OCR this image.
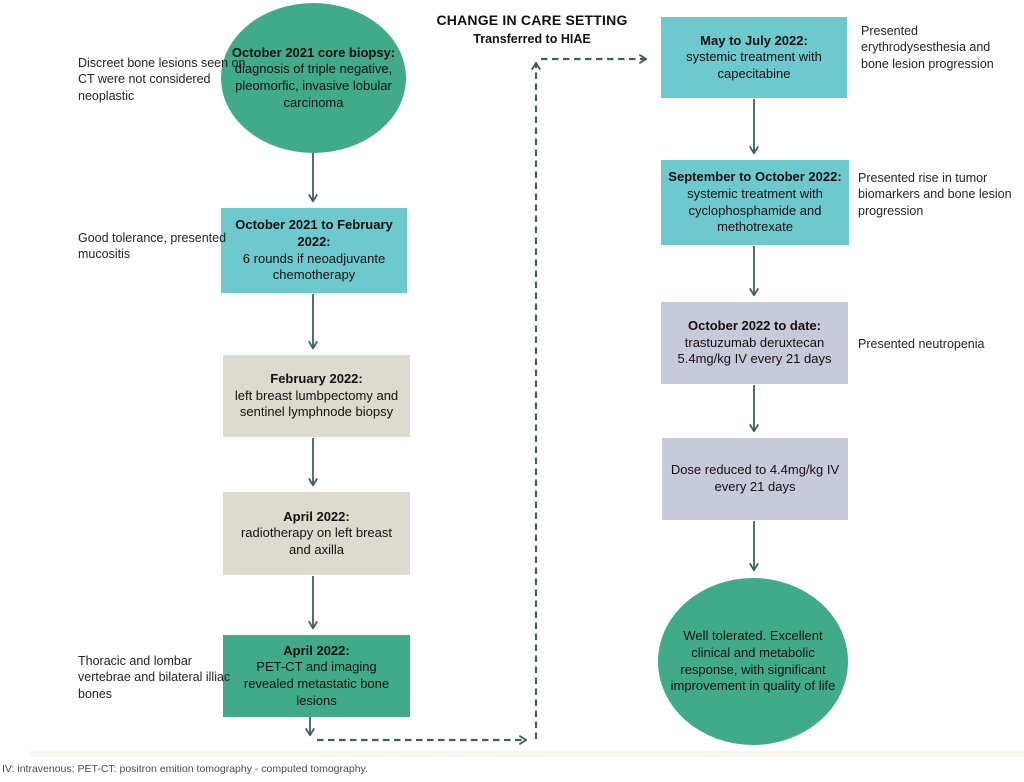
CHANGE IN CARE SETTING
Transferred to HIAE
October 2021 core biopsy:
diagnosis of triple negative, pleomorfic, invasive lobular carcinoma
October 2021 to February 2022:
6 rounds if neoadjuvante chemotherapy
February 2022:
left breast lumbpectomy and sentinel lymphnode biopsy
April 2022:
radiotherapy on left breast and axilla
April 2022:
PET-CT and imaging revealed metastatic bone lesions
May to July 2022:
systemic treatment with capecitabine
September to October 2022:
systemic treatment with cyclophosphamide and methotrexate
October 2022 to date:
trastuzumab deruxtecan 5.4mg/kg IV every 21 days
Dose reduced to 4.4mg/kg IV every 21 days
Well tolerated. Excellent clinical and metabolic response, with significant improvement in quality of life
Discreet bone lesions seen on CT were not considered neoplastic
Good tolerance, presented mucositis
Thoracic and lombar vertebrae and bilateral illiac bones
Presented erythrodysesthesia and bone lesion progression
Presented rise in tumor biomarkers and bone lesion progression
Presented neutropenia
IV: intravenous; PET-CT: positron emition tomography - computed tomography.
